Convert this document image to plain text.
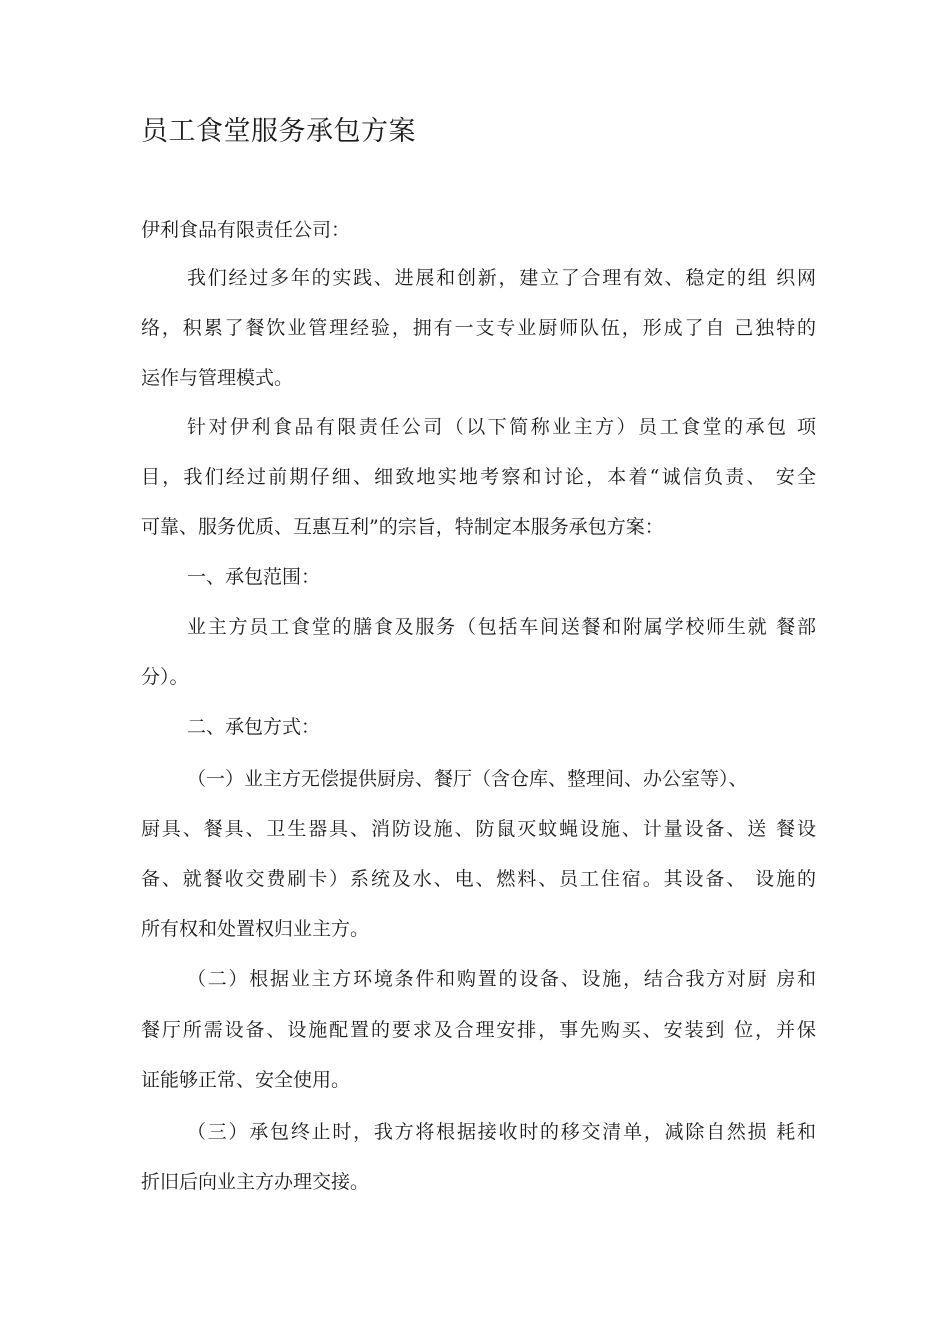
员工食堂服务承包方案
伊利食品有限责任公司：
我们经过多年的实践、进展和创新，建立了合理有效、稳定的组 织网
络，积累了餐饮业管理经验，拥有一支专业厨师队伍，形成了自 己独特的
运作与管理模式。
针对伊利食品有限责任公司（以下简称业主方）员工食堂的承包 项
目，我们经过前期仔细、细致地实地考察和讨论，本着“诚信负责、 安全
可靠、服务优质、互惠互利”的宗旨，特制定本服务承包方案：
一、承包范围：
业主方员工食堂的膳食及服务（包括车间送餐和附属学校师生就 餐部
分）。
二、承包方式：
（一）业主方无偿提供厨房、餐厅（含仓库、整理间、办公室等）、
厨具、餐具、卫生器具、消防设施、防鼠灭蚊蝇设施、计量设备、送 餐设
备、就餐收交费刷卡）系统及水、电、燃料、员工住宿。其设备、 设施的
所有权和处置权归业主方。
（二）根据业主方环境条件和购置的设备、设施，结合我方对厨 房和
餐厅所需设备、设施配置的要求及合理安排，事先购买、安装到 位，并保
证能够正常、安全使用。
（三）承包终止时，我方将根据接收时的移交清单，减除自然损 耗和
折旧后向业主方办理交接。
